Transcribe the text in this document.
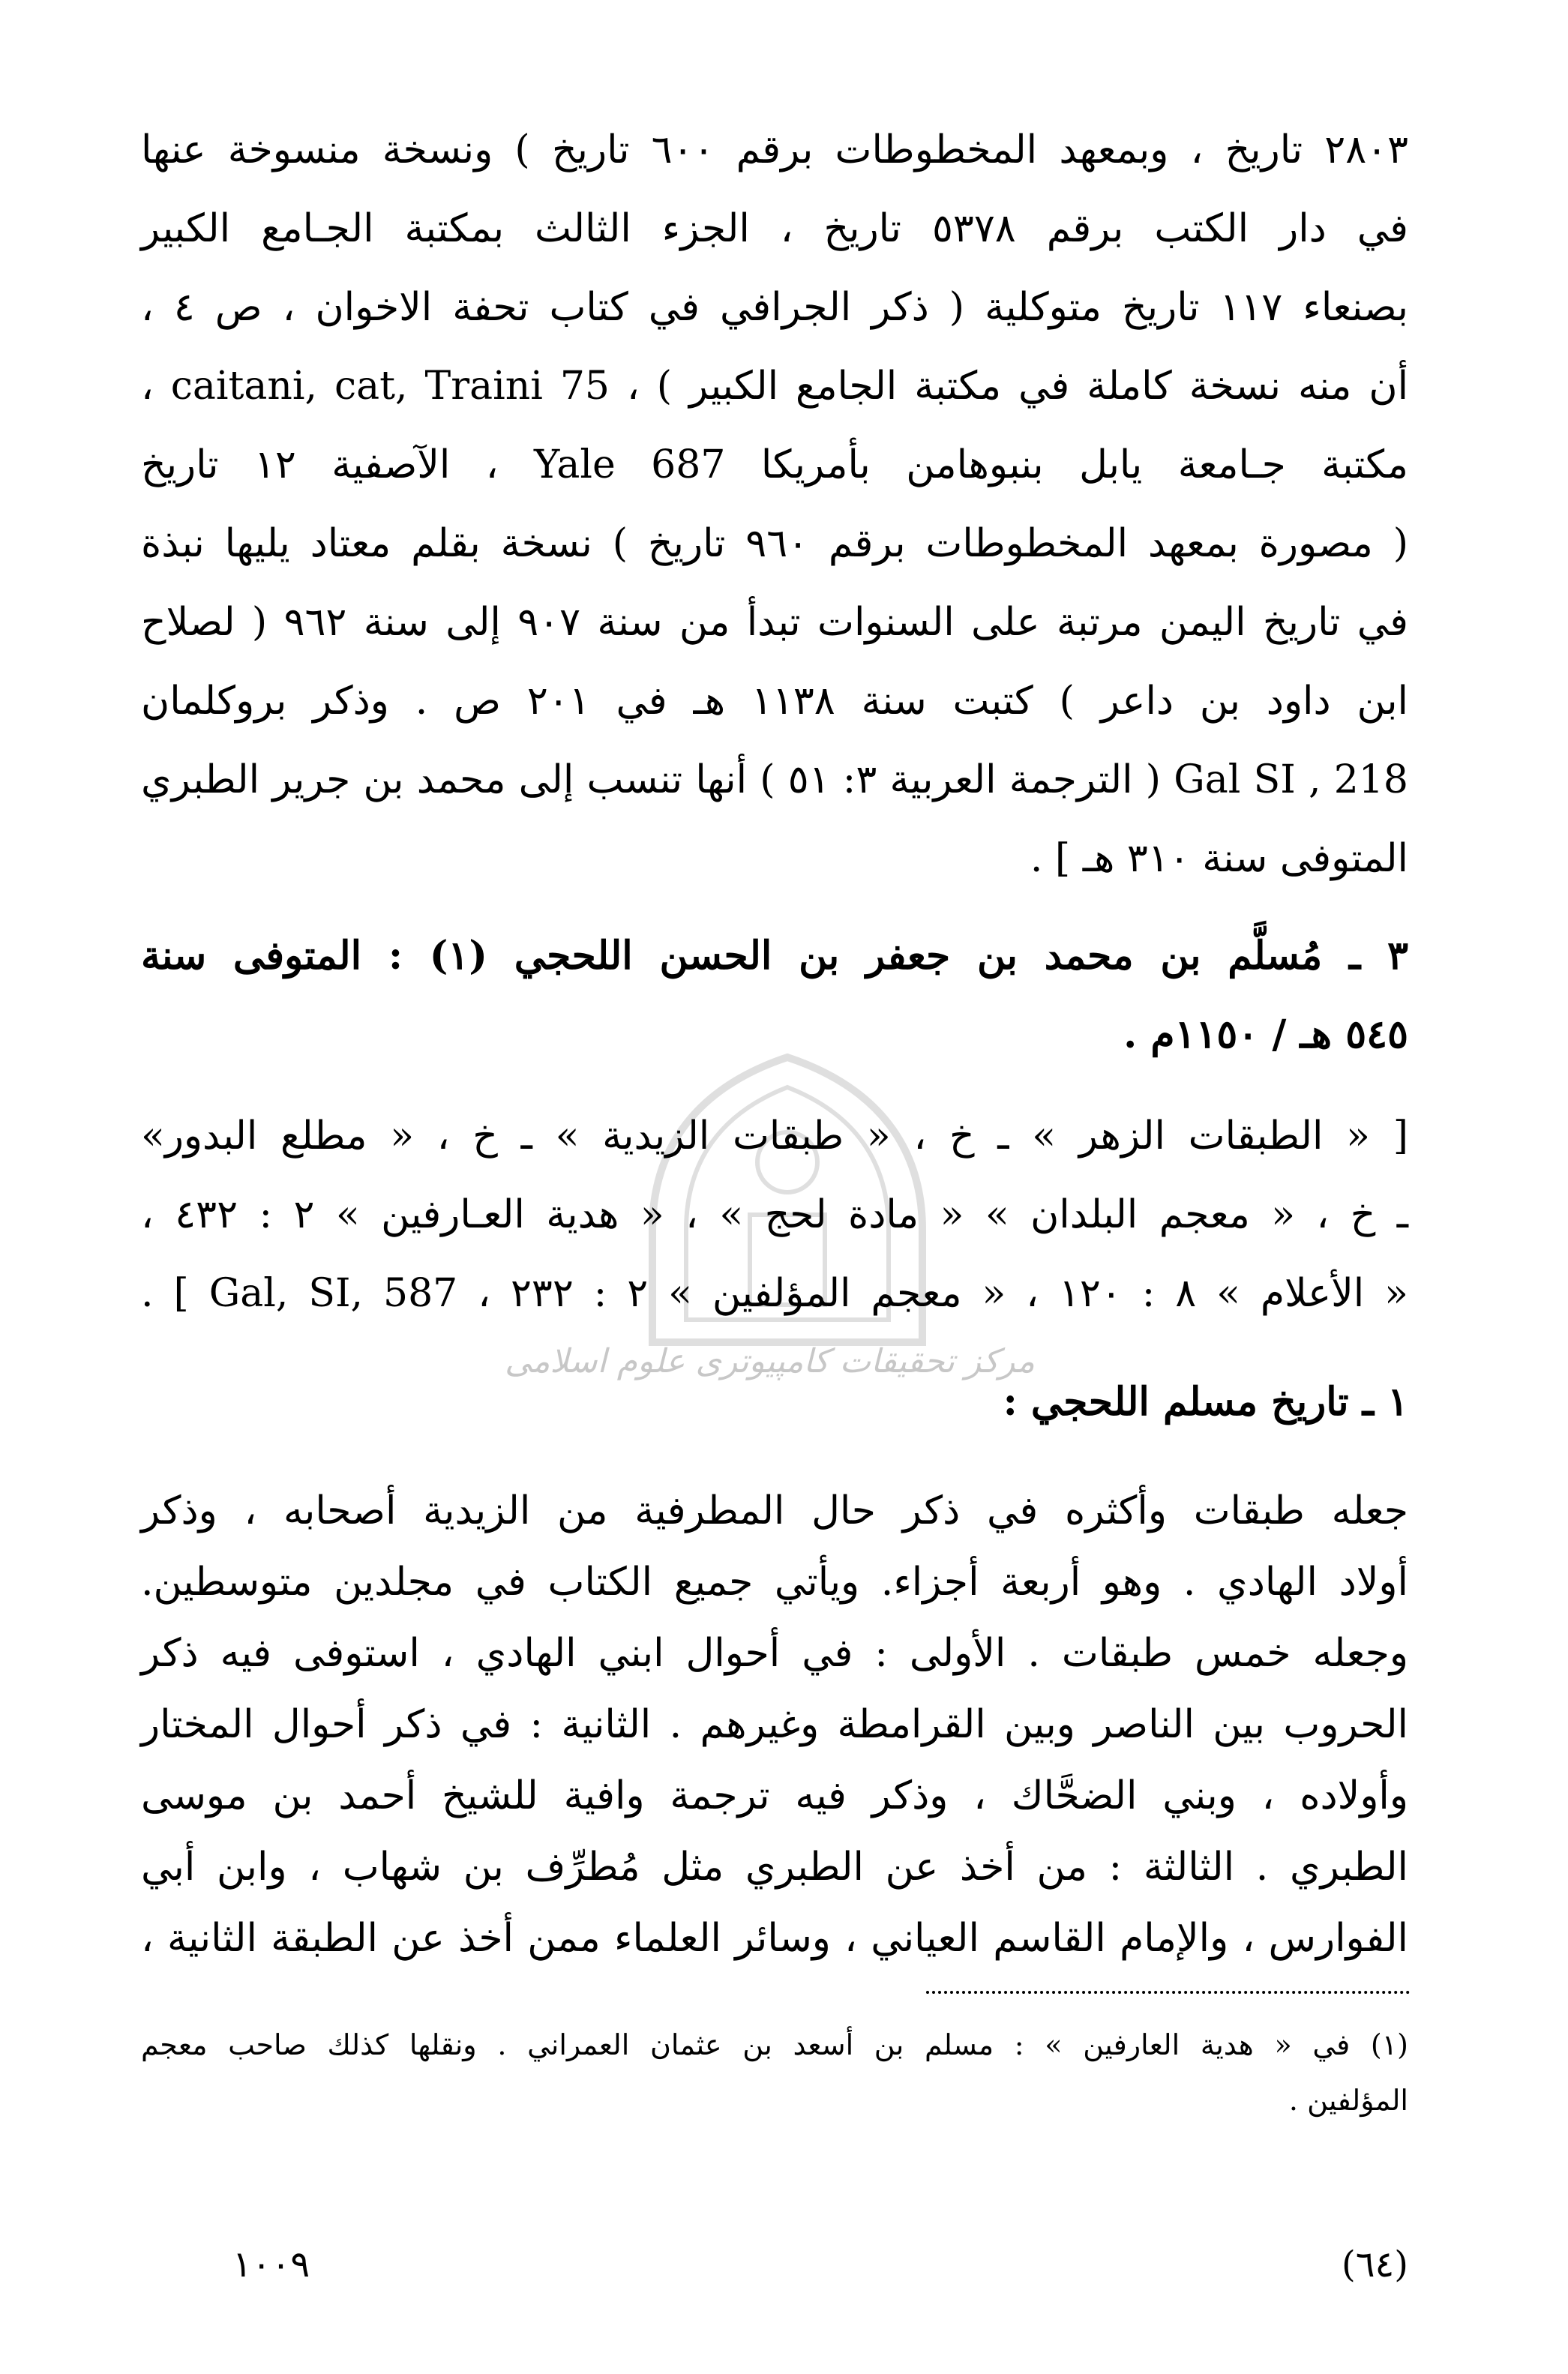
مرکز تحقیقات کامپیوتری علوم اسلامی
٢٨٠٣ تاريخ ، وبمعهد المخطوطات برقم ٦٠٠ تاريخ ) ونسخة منسوخة عنها
في دار الكتب برقم ٥٣٧٨ تاريخ ، الجزء الثالث بمكتبة الجـامع الكبير
بصنعاء ١١٧ تاريخ متوكلية ( ذكر الجرافي في كتاب تحفة الاخوان ، ص ٤ ،
أن منه نسخة كاملة في مكتبة الجامع الكبير ) ، caitani, cat, Traini 75 ،
مكتبة جـامعة يابل بنبوهامن بأمريكا Yale 687 ، الآصفية ١٢ تاريخ
( مصورة بمعهد المخطوطات برقم ٩٦٠ تاريخ ) نسخة بقلم معتاد يليها نبذة
في تاريخ اليمن مرتبة على السنوات تبدأ من سنة ٩٠٧ إلى سنة ٩٦٢ ( لصلاح
ابن داود بن داعر ) كتبت سنة ١١٣٨ هـ في ٢٠١ ص . وذكر بروكلمان
Gal SI , 218 ( الترجمة العربية ٣: ٥١ ) أنها تنسب إلى محمد بن جرير الطبري
المتوفى سنة ٣١٠ هـ ] .
٣ ـ مُسلَّم بن محمد بن جعفر بن الحسن اللحجي (١) : المتوفى سنة
٥٤٥ هـ / ١١٥٠م .
[ « الطبقات الزهر » ـ خ ، « طبقات الزيدية » ـ خ ، « مطلع البدور»
ـ خ ، « معجم البلدان » « مادة لحج » ، « هدية العـارفين » ٢ : ٤٣٢ ،
« الأعلام » ٨ : ١٢٠ ، « معجم المؤلفين » ٢ : ٢٣٢ ، Gal, SI, 587 ] .
١ ـ تاريخ مسلم اللحجي :
جعله طبقات وأكثره في ذكر حال المطرفية من الزيدية أصحابه ، وذكر
أولاد الهادي . وهو أربعة أجزاء. ويأتي جميع الكتاب في مجلدين متوسطين.
وجعله خمس طبقات . الأولى : في أحوال ابني الهادي ، استوفى فيه ذكر
الحروب بين الناصر وبين القرامطة وغيرهم . الثانية : في ذكر أحوال المختار
وأولاده ، وبني الضحَّاك ، وذكر فيه ترجمة وافية للشيخ أحمد بن موسى
الطبري . الثالثة : من أخذ عن الطبري مثل مُطرِّف بن شهاب ، وابن أبي
الفوارس ، والإمام القاسم العياني ، وسائر العلماء ممن أخذ عن الطبقة الثانية ،
(١) في « هدية العارفين » : مسلم بن أسعد بن عثمان العمراني . ونقلها كذلك صاحب معجم
المؤلفين .
(٦٤)
١٠٠٩
